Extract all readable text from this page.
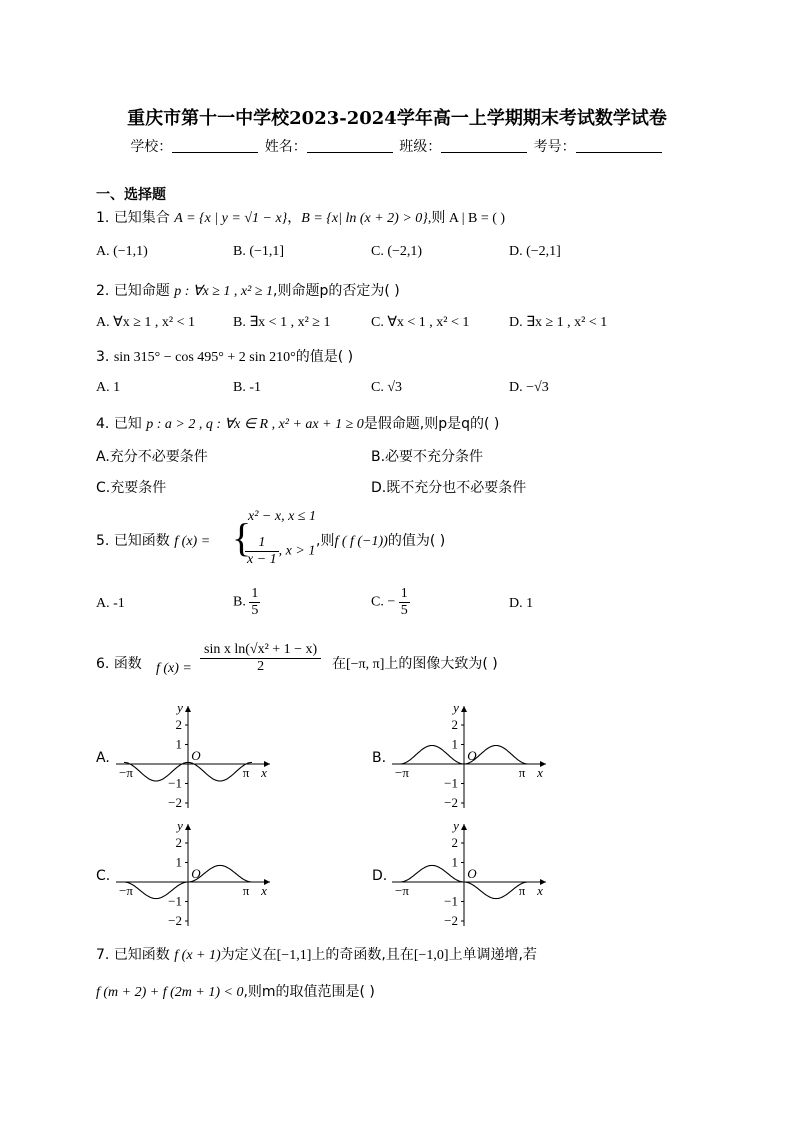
重庆市第十一中学校2023-2024学年高一上学期期末考试数学试卷
学校：	姓名：	班级：	考号：
一、选择题
1. 已知集合 A = {x | y = √1 − x}，B = {x| ln (x + 2) > 0},则 A | B = ( )
A. (−1,1)	B. (−1,1]	C. (−2,1)	D. (−2,1]
2. 已知命题 p : ∀x ≥ 1 , x² ≥ 1,则命题p的否定为( )
A. ∀x ≥ 1 , x² < 1	B. ∃x < 1 , x² ≥ 1	C. ∀x < 1 , x² < 1	D. ∃x ≥ 1 , x² < 1
3. sin 315° − cos 495° + 2 sin 210°的值是( )
A. 1	B. -1	C. √3	D. −√3
4. 已知 p : a > 2 , q : ∀x ∈ R , x² + ax + 1 ≥ 0是假命题,则p是q的( )
A.充分不必要条件	B.必要不充分条件
C.充要条件	D.既不充分也不必要条件
5. 已知函数 f (x) = {
x² − x, x ≤ 1
$\frac{1}{x - 1}$ , x > 1
,则f ( f (−1))的值为( )
A. -1	B. $\frac{1}{5}$	C. − $\frac{1}{5}$	D. 1
6. 函数 f $(x) = \frac{\text{sin x ln(√x² + 1 − x)}}{2}$ 在[−π, π]上的图像大致为( )
A.	B.
C.	D.
2
1
−1
−2
y
x
O
−π	π
2
1
−1
−2
y
x
O
−π	π
2
1
−1
−2
y
x
O
−π	π
2
1
−1
−2
y
x
O
−π	π
7. 已知函数 f (x + 1)为定义在[−1,1]上的奇函数,且在[−1,0]上单调递增,若
f (m + 2) + f (2m + 1) < 0,则m的取值范围是( )
